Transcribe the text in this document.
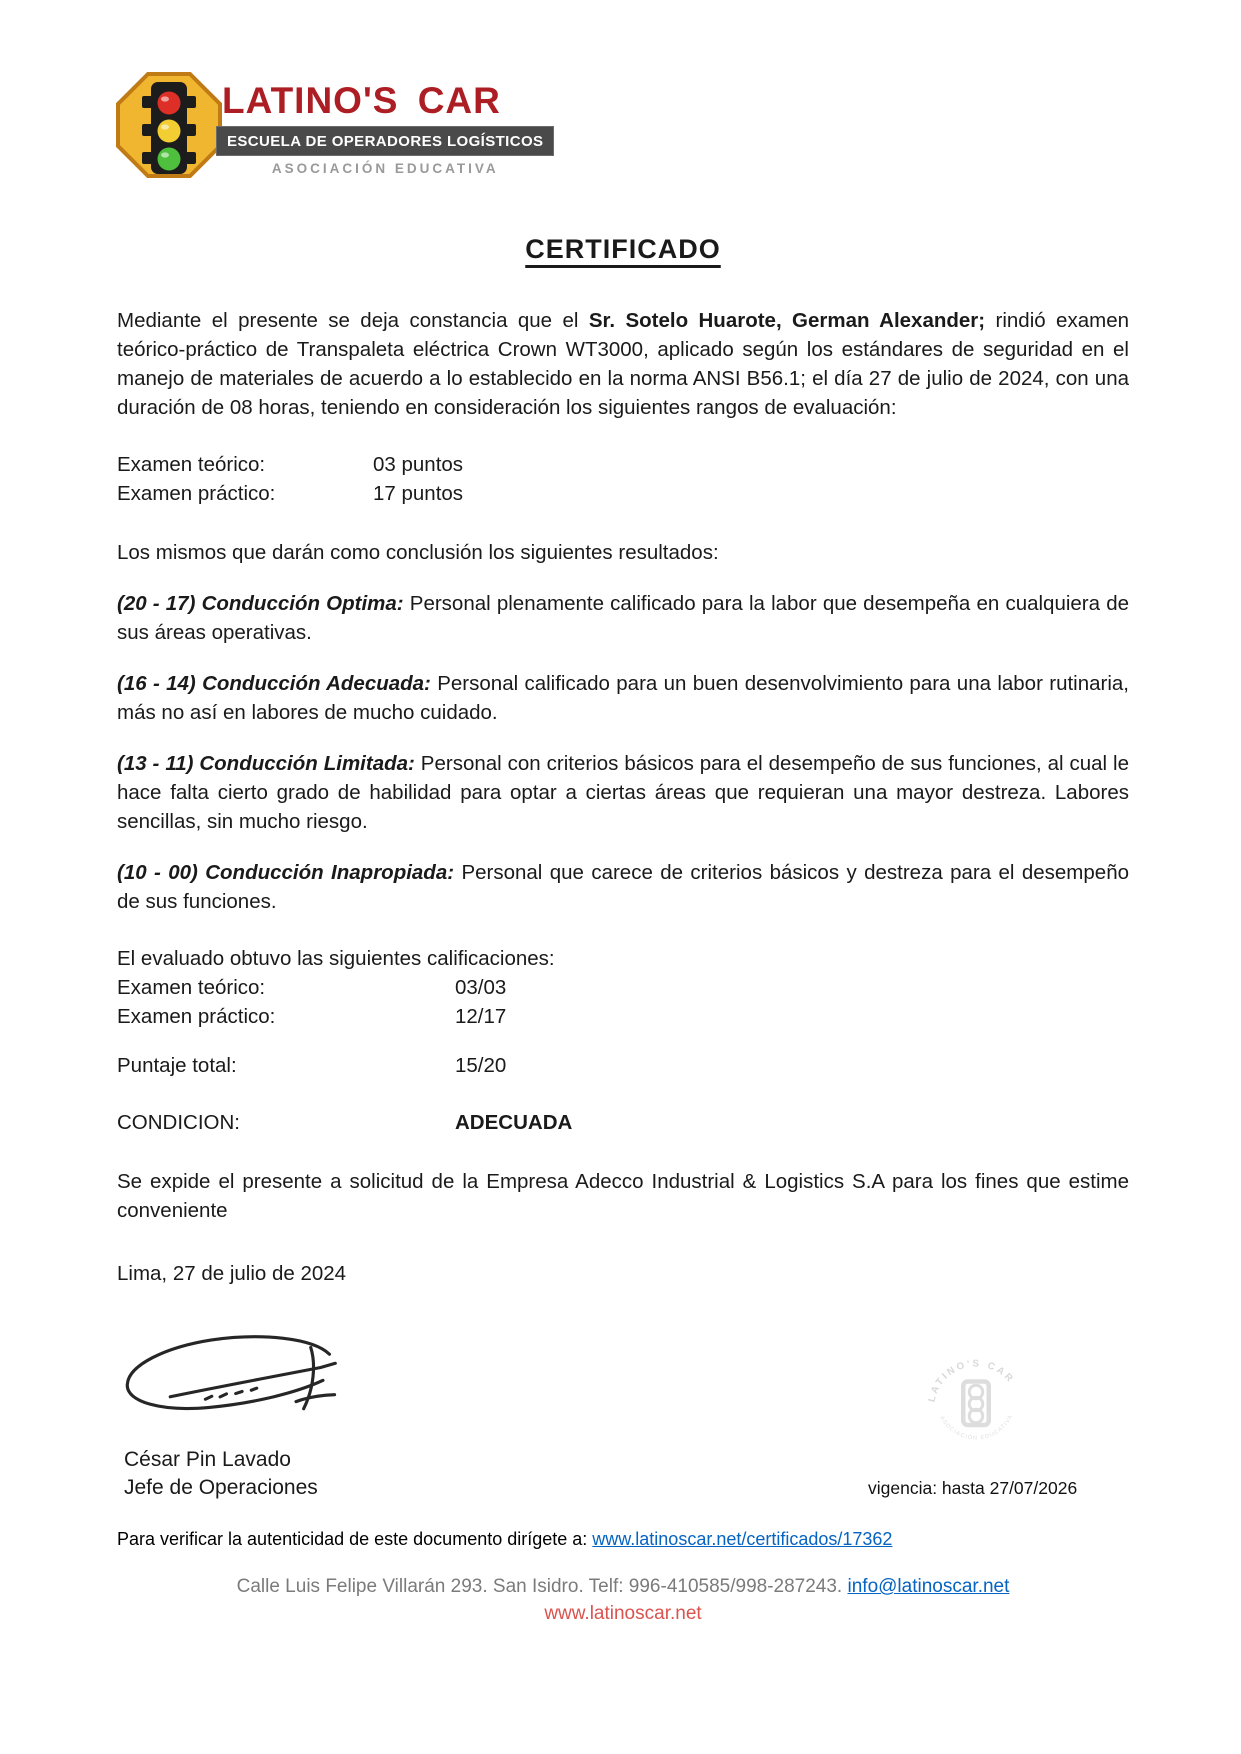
LATINO'S CAR
ESCUELA DE OPERADORES LOGÍSTICOS
ASOCIACIÓN EDUCATIVA
CERTIFICADO

Mediante el presente se deja constancia que el Sr. Sotelo Huarote, German Alexander; rindió examen teórico-práctico de Transpaleta eléctrica Crown WT3000, aplicado según los estándares de seguridad en el manejo de materiales de acuerdo a lo establecido en la norma ANSI B56.1; el día 27 de julio de 2024, con una duración de 08 horas, teniendo en consideración los siguientes rangos de evaluación:

Examen teórico:	03 puntos
Examen práctico:	17 puntos

Los mismos que darán como conclusión los siguientes resultados:

(20 - 17) Conducción Optima: Personal plenamente calificado para la labor que desempeña en cualquiera de sus áreas operativas.

(16 - 14) Conducción Adecuada: Personal calificado para un buen desenvolvimiento para una labor rutinaria, más no así en labores de mucho cuidado.

(13 - 11) Conducción Limitada: Personal con criterios básicos para el desempeño de sus funciones, al cual le hace falta cierto grado de habilidad para optar a ciertas áreas que requieran una mayor destreza. Labores sencillas, sin mucho riesgo.

(10 - 00) Conducción Inapropiada: Personal que carece de criterios básicos y destreza para el desempeño de sus funciones.

El evaluado obtuvo las siguientes calificaciones:

Examen teórico:	03/03
Examen práctico:	12/17
Puntaje total:	15/20
CONDICION:	ADECUADA

Se expide el presente a solicitud de la Empresa Adecco Industrial & Logistics S.A para los fines que estime conveniente

Lima, 27 de julio de 2024

César Pin Lavado
Jefe de Operaciones
LATINO'S CAR
ASOCIACIÓN EDUCATIVA
vigencia: hasta 27/07/2026
Para verificar la autenticidad de este documento dirígete a: www.latinoscar.net/certificados/17362
Calle Luis Felipe Villarán 293. San Isidro. Telf: 996-410585/998-287243. info@latinoscar.net
www.latinoscar.net
